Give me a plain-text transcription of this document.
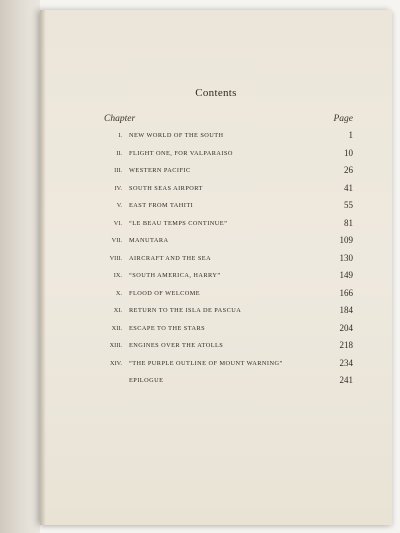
Contents
Chapter	Page
I. NEW WORLD OF THE SOUTH	1
II. FLIGHT ONE, FOR VALPARAISO	10
III. WESTERN PACIFIC	26
IV. SOUTH SEAS AIRPORT	41
V. EAST FROM TAHITI	55
VI. “LE BEAU TEMPS CONTINUE”	81
VII. MANUTARA	109
VIII. AIRCRAFT AND THE SEA	130
IX. “SOUTH AMERICA, HARRY”	149
X. FLOOD OF WELCOME	166
XI. RETURN TO THE ISLA DE PASCUA	184
XII. ESCAPE TO THE STARS	204
XIII. ENGINES OVER THE ATOLLS	218
XIV. “THE PURPLE OUTLINE OF MOUNT WARNING”	234
EPILOGUE	241
